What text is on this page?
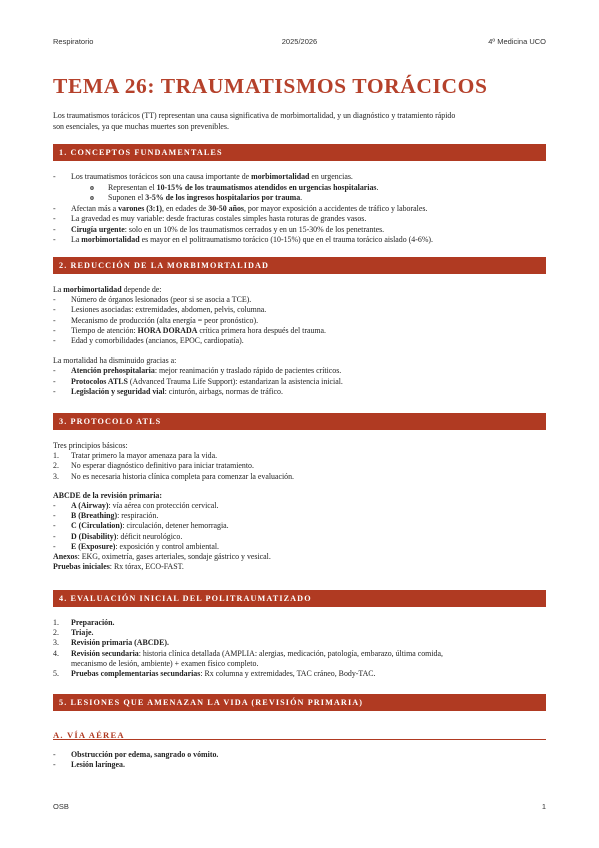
Respiratorio	2025/2026	4º Medicina UCO
TEMA 26: TRAUMATISMOS TORÁCICOS
Los traumatismos torácicos (TT) representan una causa significativa de morbimortalidad, y un diagnóstico y tratamiento rápido
son esenciales, ya que muchas muertes son prevenibles.
1. CONCEPTOS FUNDAMENTALES
- Los traumatismos torácicos son una causa importante de morbimortalidad en urgencias.
o Representan el 10-15% de los traumatismos atendidos en urgencias hospitalarias.
o Suponen el 3-5% de los ingresos hospitalarios por trauma.
- Afectan más a varones (3:1), en edades de 30-50 años, por mayor exposición a accidentes de tráfico y laborales.
- La gravedad es muy variable: desde fracturas costales simples hasta roturas de grandes vasos.
- Cirugía urgente: solo en un 10% de los traumatismos cerrados y en un 15-30% de los penetrantes.
- La morbimortalidad es mayor en el politraumatismo torácico (10-15%) que en el trauma torácico aislado (4-6%).
2. REDUCCIÓN DE LA MORBIMORTALIDAD
La morbimortalidad depende de:
- Número de órganos lesionados (peor si se asocia a TCE).
- Lesiones asociadas: extremidades, abdomen, pelvis, columna.
- Mecanismo de producción (alta energía = peor pronóstico).
- Tiempo de atención: HORA DORADA crítica primera hora después del trauma.
- Edad y comorbilidades (ancianos, EPOC, cardiopatía).
La mortalidad ha disminuido gracias a:
- Atención prehospitalaria: mejor reanimación y traslado rápido de pacientes críticos.
- Protocolos ATLS (Advanced Trauma Life Support): estandarizan la asistencia inicial.
- Legislación y seguridad vial: cinturón, airbags, normas de tráfico.
3. PROTOCOLO ATLS
Tres principios básicos:
1. Tratar primero la mayor amenaza para la vida.
2. No esperar diagnóstico definitivo para iniciar tratamiento.
3. No es necesaria historia clínica completa para comenzar la evaluación.
ABCDE de la revisión primaria:
- A (Airway): vía aérea con protección cervical.
- B (Breathing): respiración.
- C (Circulation): circulación, detener hemorragia.
- D (Disability): déficit neurológico.
- E (Exposure): exposición y control ambiental.
Anexos: EKG, oximetría, gases arteriales, sondaje gástrico y vesical.
Pruebas iniciales: Rx tórax, ECO-FAST.
4. EVALUACIÓN INICIAL DEL POLITRAUMATIZADO
1. Preparación.
2. Triaje.
3. Revisión primaria (ABCDE).
4. Revisión secundaria: historia clínica detallada (AMPLIA: alergias, medicación, patología, embarazo, última comida,
mecanismo de lesión, ambiente) + examen físico completo.
5. Pruebas complementarias secundarias: Rx columna y extremidades, TAC cráneo, Body-TAC.
5. LESIONES QUE AMENAZAN LA VIDA (REVISIÓN PRIMARIA)
A. VÍA AÉREA
- Obstrucción por edema, sangrado o vómito.
- Lesión laríngea.
OSB	1
